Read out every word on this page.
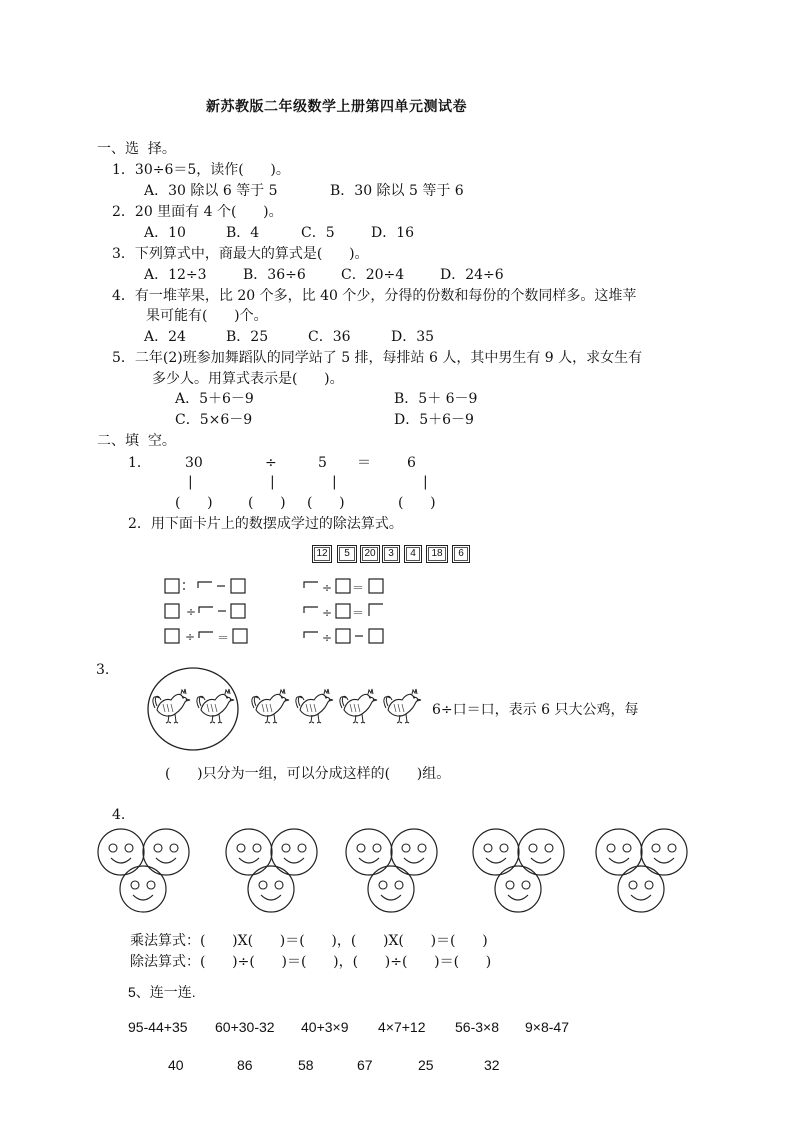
新苏教版二年级数学上册第四单元测试卷
一、选  择。
1．30÷6＝5，读作(      )。
A．30 除以 6 等于 5	B．30 除以 5 等于 6
2．20 里面有 4 个(      )。
A．10	B．4	C．5	D．16
3．下列算式中，商最大的算式是(      )。
A．12÷3	B．36÷6	C．20÷4	D．24÷6
4．有一堆苹果，比 20 个多，比 40 个少，分得的份数和每份的个数同样多。这堆苹
果可能有(      )个。
A．24	B．25	C．36	D．35
5．二年(2)班参加舞蹈队的同学站了 5 排，每排站 6 人，其中男生有 9 人，求女生有
多少人。用算式表示是(      )。
A．5＋6－9	B．5＋ 6－9
C．5×6－9	D．5＋6－9
二、填  空。
1． 30	÷	5 ＝	6
|	|	|	|
(      )	(      ) (      )	(      )
2．用下面卡片上的数摆成学过的除法算式。
12	5	20	3	4	18	6
÷
÷ ＝
÷ ＝
÷ ＝
÷
3.
6÷口＝口，表示 6 只大公鸡，每
(      )只分为一组，可以分成这样的(      )组。
4.
乘法算式：(      )X(      )＝(      )，(      )X(      )＝(      )
除法算式：(      )÷(      )＝(      )，(      )÷(      )＝(      )
5、连一连.
95-44+35 60+30-32 40+3×9 4×7+12 56-3×8 9×8-47
40	86	58	67	25	32
